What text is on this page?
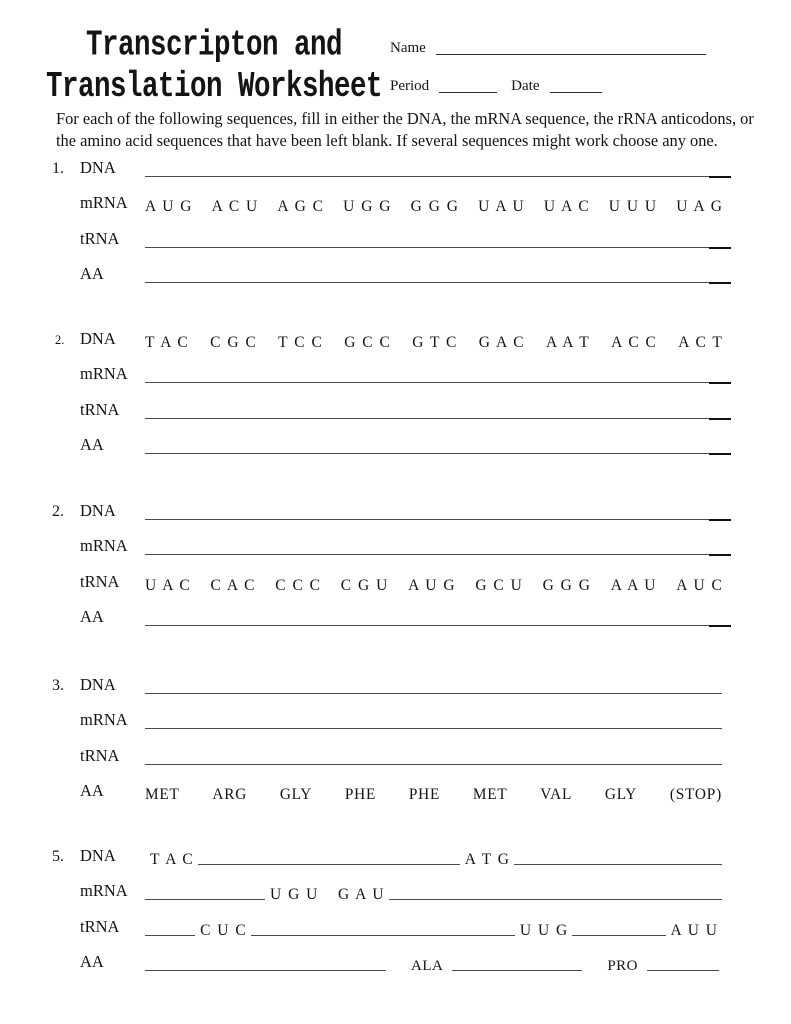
Transcripton and
Translation Worksheet
Name
Period	Date
For each of the following sequences, fill in either the DNA, the mRNA sequence, the rRNA anticodons, or the amino acid sequences that have been left blank. If several sequences might work choose any one.
1. DNA
mRNA A U G A C U A G C U G G G G G U A U U A C U U U U A G
tRNA
AA
2. DNA T A C C G C T C C G C C G T C G A C A A T A C C A C T
mRNA
tRNA
AA
2. DNA
mRNA
tRNA U A C C A C C C C C G U A U G G C U G G G A A U A U C
AA
3. DNA
mRNA
tRNA
AA	MET ARG GLY PHE PHE MET VAL GLY (STOP)
5. DNA	T A C	A T G
mRNA	U G U   G A U
tRNA	C U C	U U G	A U U
AA	ALA	PRO
